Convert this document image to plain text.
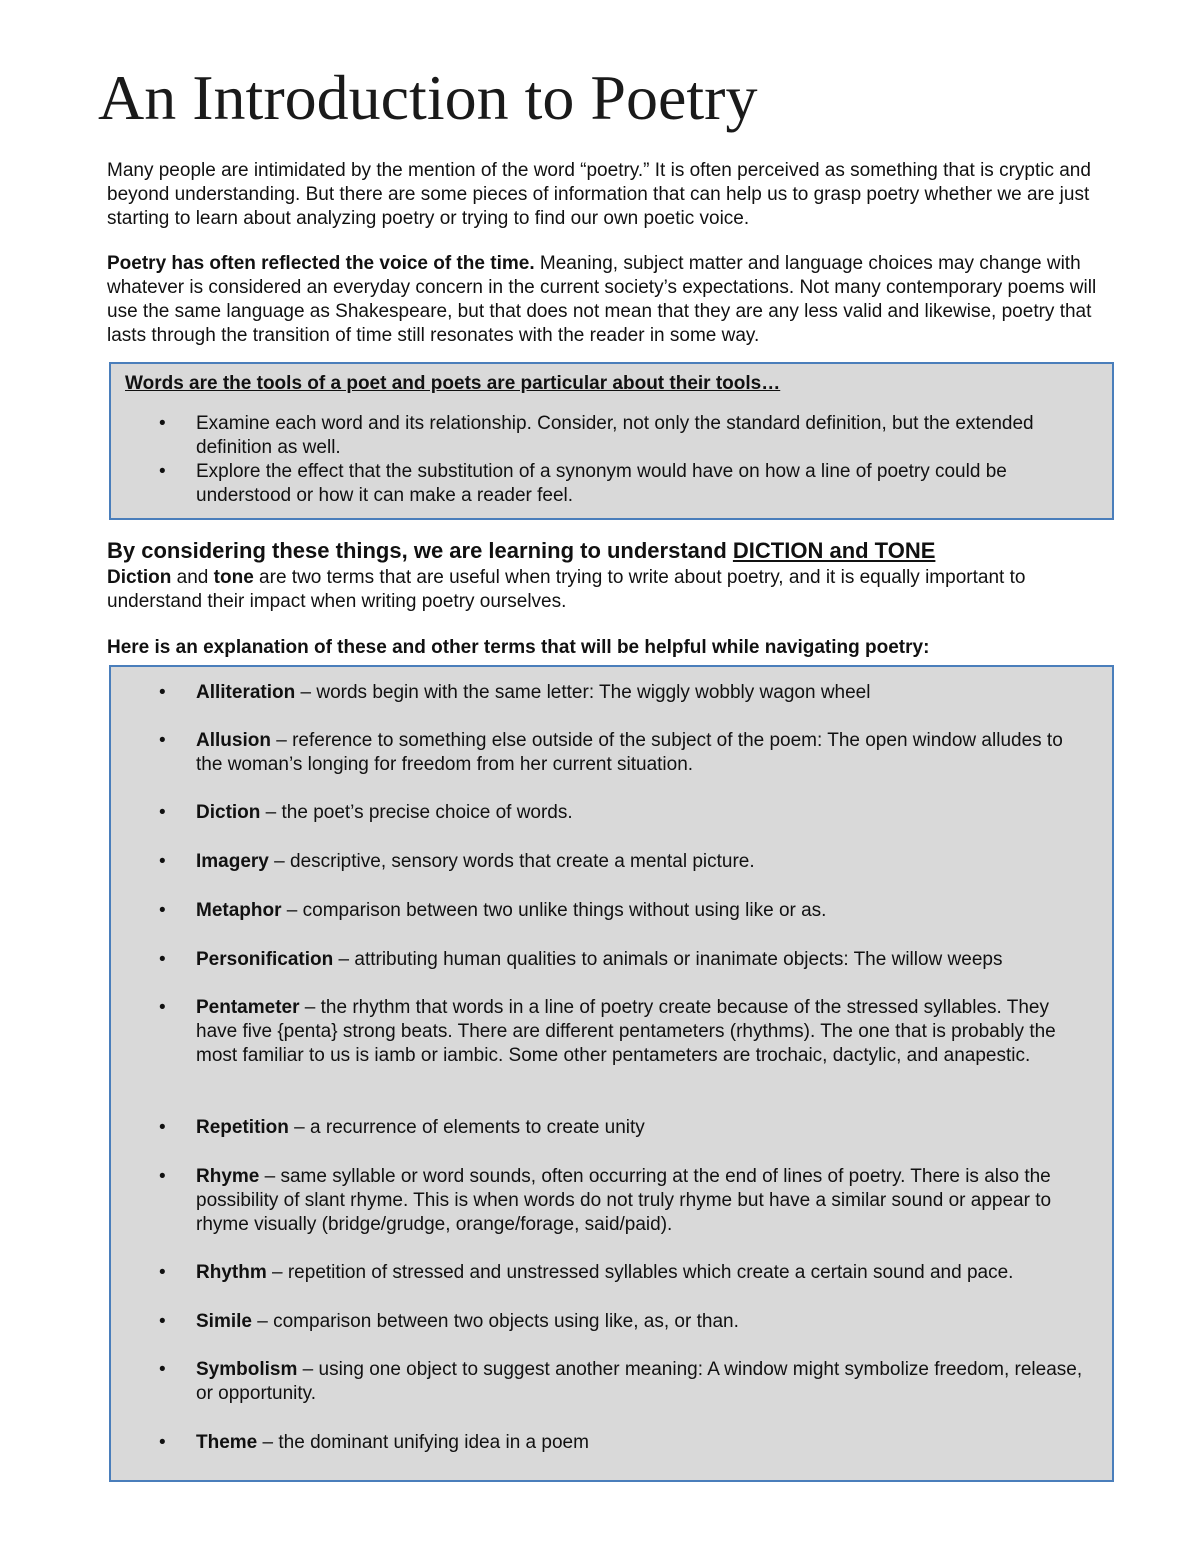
An Introduction to Poetry

Many people are intimidated by the mention of the word “poetry.” It is often perceived as something that is cryptic and beyond understanding. But there are some pieces of information that can help us to grasp poetry whether we are just starting to learn about analyzing poetry or trying to find our own poetic voice.

Poetry has often reflected the voice of the time. Meaning, subject matter and language choices may change with whatever is considered an everyday concern in the current society’s expectations. Not many contemporary poems will use the same language as Shakespeare, but that does not mean that they are any less valid and likewise, poetry that lasts through the transition of time still resonates with the reader in some way.

Words are the tools of a poet and poets are particular about their tools…

• Examine each word and its relationship. Consider, not only the standard definition, but the extended definition as well.
• Explore the effect that the substitution of a synonym would have on how a line of poetry could be understood or how it can make a reader feel.
By considering these things, we are learning to understand DICTION and TONE

Diction and tone are two terms that are useful when trying to write about poetry, and it is equally important to understand their impact when writing poetry ourselves.

Here is an explanation of these and other terms that will be helpful while navigating poetry:

• Alliteration – words begin with the same letter: The wiggly wobbly wagon wheel
• Allusion – reference to something else outside of the subject of the poem: The open window alludes to the woman’s longing for freedom from her current situation.
• Diction – the poet’s precise choice of words.
• Imagery – descriptive, sensory words that create a mental picture.
• Metaphor – comparison between two unlike things without using like or as.
• Personification – attributing human qualities to animals or inanimate objects: The willow weeps
• Pentameter – the rhythm that words in a line of poetry create because of the stressed syllables. They have five {penta} strong beats. There are different pentameters (rhythms). The one that is probably the most familiar to us is iamb or iambic. Some other pentameters are trochaic, dactylic, and anapestic.
• Repetition – a recurrence of elements to create unity
• Rhyme – same syllable or word sounds, often occurring at the end of lines of poetry. There is also the possibility of slant rhyme. This is when words do not truly rhyme but have a similar sound or appear to rhyme visually (bridge/grudge, orange/forage, said/paid).
• Rhythm – repetition of stressed and unstressed syllables which create a certain sound and pace.
• Simile – comparison between two objects using like, as, or than.
• Symbolism – using one object to suggest another meaning: A window might symbolize freedom, release, or opportunity.
• Theme – the dominant unifying idea in a poem
